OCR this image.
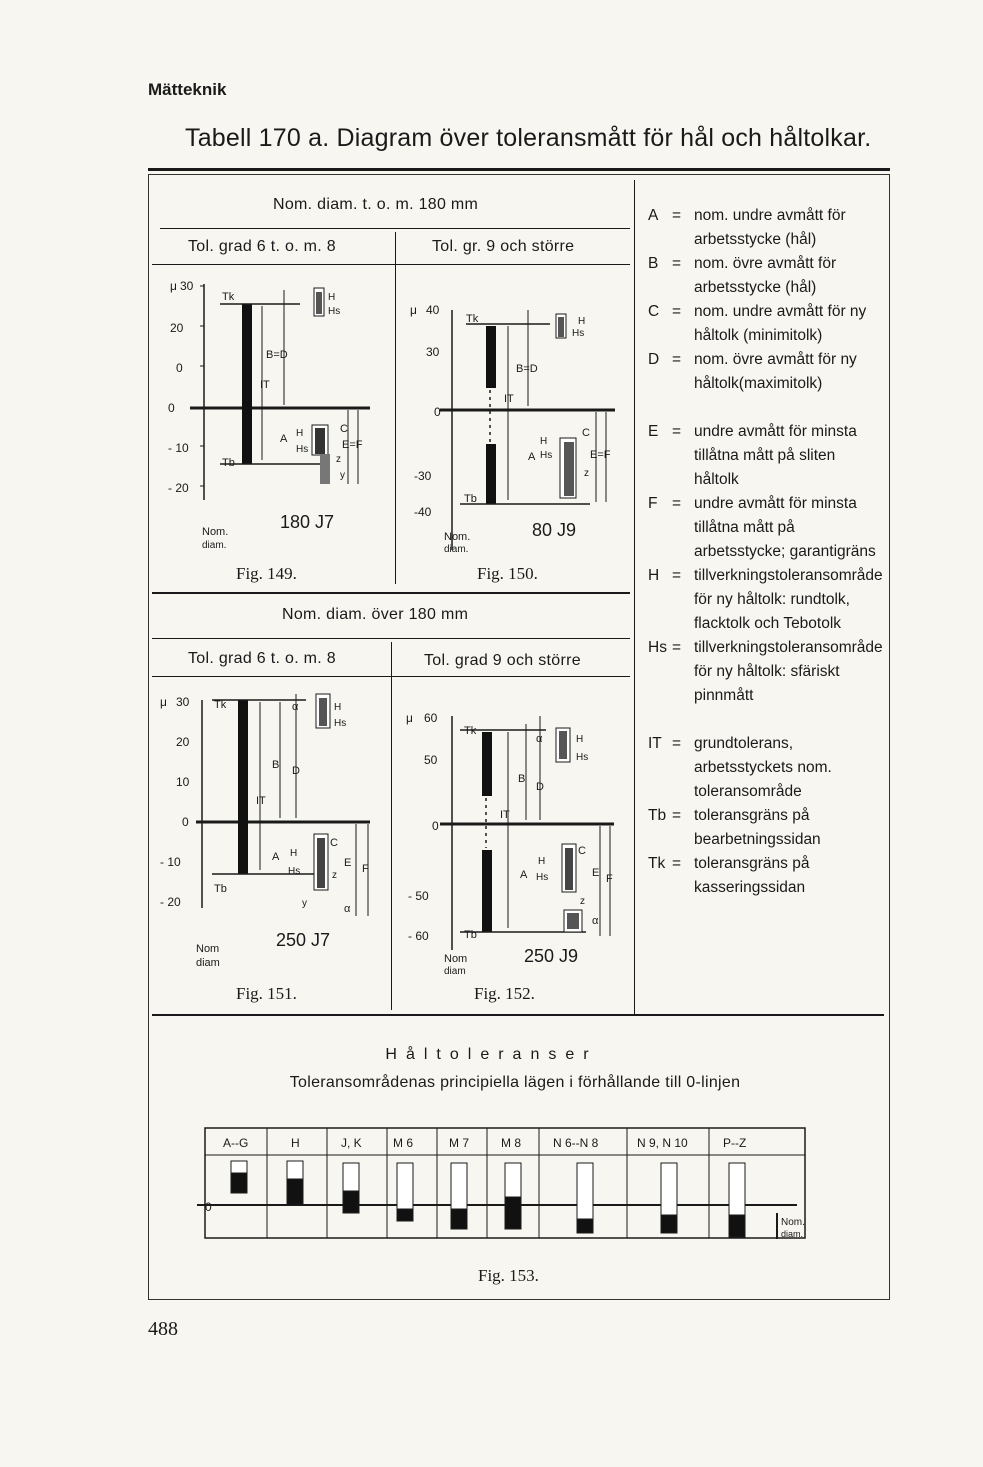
Mätteknik
Tabell 170 a. Diagram över toleransmått för hål och håltolkar.
Nom. diam. t. o. m. 180 mm
Tol. grad 6 t. o. m. 8	Tol. gr. 9 och större
μ 30
20
0
0
- 10
- 20
Tk
Tb
B=D
IT
H
Hs
A H
Hs
C
E=F
z
y
Nom.
diam.
180 J7
Fig. 149.
μ 40
30
0
-30
-40
Tk
Tb
B=D
IT
H
Hs
A
H
Hs
C
E=F
z
Nom.
diam.
80 J9
Fig. 150.
Nom. diam. över 180 mm
Tol. grad 6 t. o. m. 8	Tol. grad 9 och större
μ 30
20
10
0
- 10
- 20
Tk
Tb
B D
IT
α	H
Hs
A H
Hs
C
E F
z
y	α
Nom
diam
250 J7
Fig. 151.
μ 60
50
0
- 50
- 60
Tk
Tb
B
D
IT
α	H
Hs
A
H
Hs
C
E F
z
α
Nom
diam
250 J9
Fig. 152.
A = nom. undre avmått för arbetsstycke (hål)
B = nom. övre avmått för arbetsstycke (hål)
C = nom. undre avmått för ny håltolk (minimitolk)
D = nom. övre avmått för ny håltolk(maximitolk)
E = undre avmått för minsta tillåtna mått på sliten håltolk
F = undre avmått för minsta tillåtna mått på arbetsstycke; garantigräns
H = tillverkningstoleransområde för ny håltolk: rundtolk, flacktolk och Tebotolk
Hs = tillverkningstoleransområde för ny håltolk: sfäriskt pinnmått
IT = grundtolerans, arbetsstyckets nom. toleransområde
Tb = toleransgräns på bearbetningssidan
Tk = toleransgräns på kasseringssidan
Håltoleranser
Toleransområdenas principiella lägen i förhållande till 0-linjen
0
A--G	H	J, K	M 6	M 7	M 8	N 6--N 8	N 9, N 10	P--Z
Nom.
diam.
Fig. 153.
488
